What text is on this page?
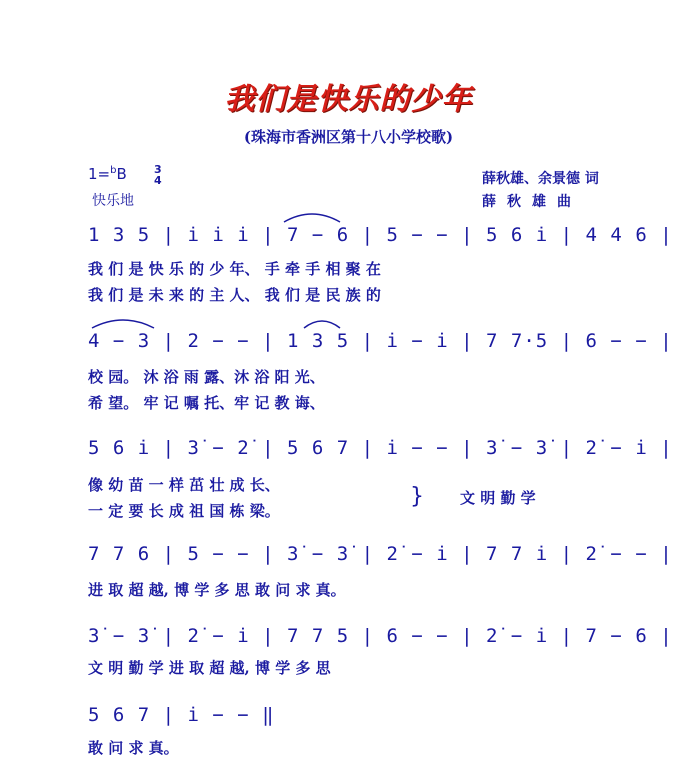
我们是快乐的少年
(珠海市香洲区第十八小学校歌)
1=$^b$B 3
4
快乐地
薛秋雄、余景德 词
薛秋雄曲
1 3 5 | i̇ i̇ i̇ | 7 − 6 | 5 − − | 5 6 i̇ | 4 4 6 |
我 们 是 快 乐 的 少 年、 手 牵 手 相 聚 在
我 们 是 未 来 的 主 人、 我 们 是 民 族 的
4 − 3 | 2 − − | 1 3 5 | i̇ − i̇ | 7 7·5 | 6 − − |
校 园。 沐 浴 雨 露、沐 浴 阳 光、
希 望。 牢 记 嘱 托、牢 记 教 诲、
5 6 i̇ | 3̇ − 2̇ | 5 6 7 | i̇ − − | 3̇ − 3̇ | 2̇ − i̇ |
像 幼 苗 一 样 茁 壮 成 长、
一 定 要 长 成 祖 国 栋 梁。
} 文 明 勤 学
7 7 6 | 5 − − | 3̇ − 3̇ | 2̇ − i̇ | 7 7 i̇ | 2̇ − − |
进 取 超 越, 博 学 多 思 敢 问 求 真。
3̇ − 3̇ | 2̇ − i̇ | 7 7 5 | 6 − − | 2̇ − i̇ | 7 − 6 |
文 明 勤 学 进 取 超 越, 博 学 多 思
5 6 7 | i̇ − − ‖
敢 问 求 真。
